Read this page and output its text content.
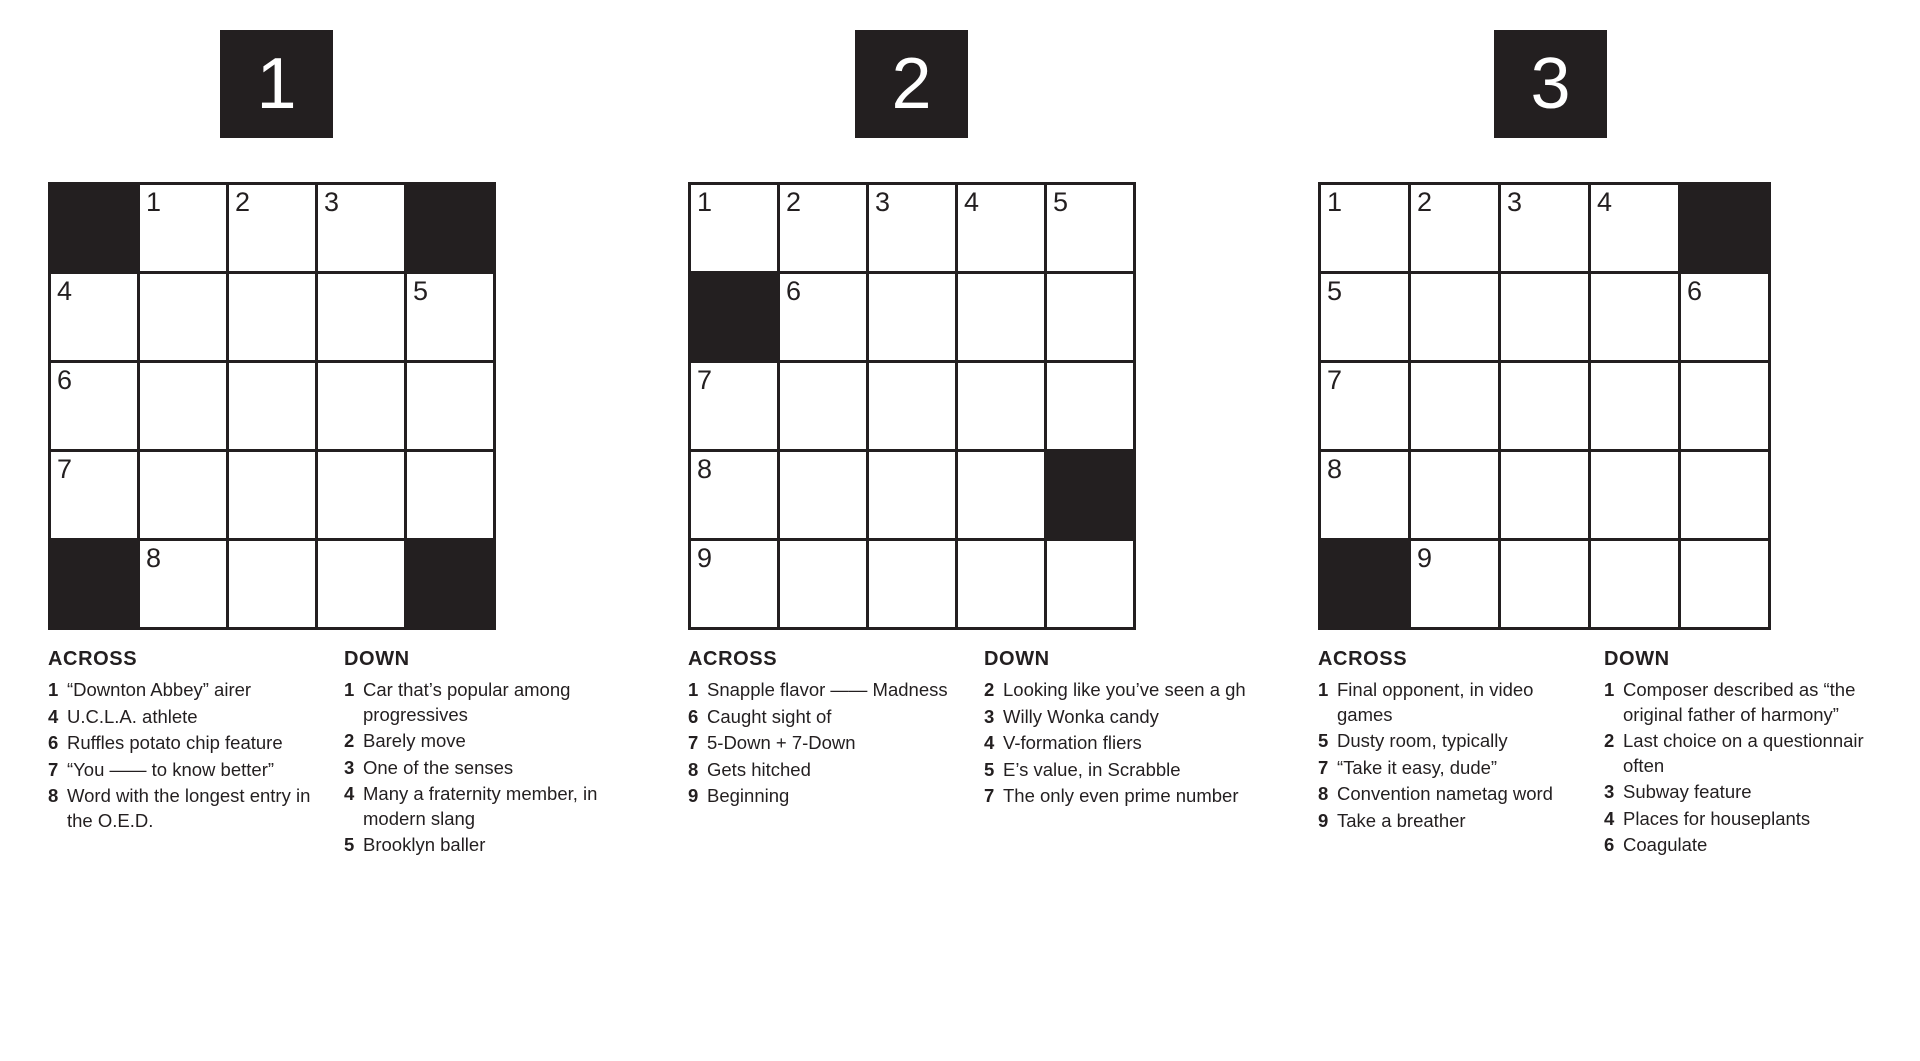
1
1	2	3
4	5
6
7
8
ACROSS
1 “Downton Abbey” airer
4 U.C.L.A. athlete
6 Ruffles potato chip feature
7 “You —— to know better”
8 Word with the longest entry in the O.E.D.
DOWN
1 Car that’s popular among progressives
2 Barely move
3 One of the senses
4 Many a fraternity member, in modern slang
5 Brooklyn baller
2
1	2	3	4	5
6
7
8
9
ACROSS
1 Snapple flavor —— Madness
6 Caught sight of
7 5-Down + 7-Down
8 Gets hitched
9 Beginning
DOWN
2 Looking like you’ve seen a gh
3 Willy Wonka candy
4 V-formation fliers
5 E’s value, in Scrabble
7 The only even prime number
3
1	2	3	4
5	6
7
8
9
ACROSS
1 Final opponent, in video games
5 Dusty room, typically
7 “Take it easy, dude”
8 Convention nametag word
9 Take a breather
DOWN
1 Composer described as “the original father of harmony”
2 Last choice on a questionnair often
3 Subway feature
4 Places for houseplants
6 Coagulate
